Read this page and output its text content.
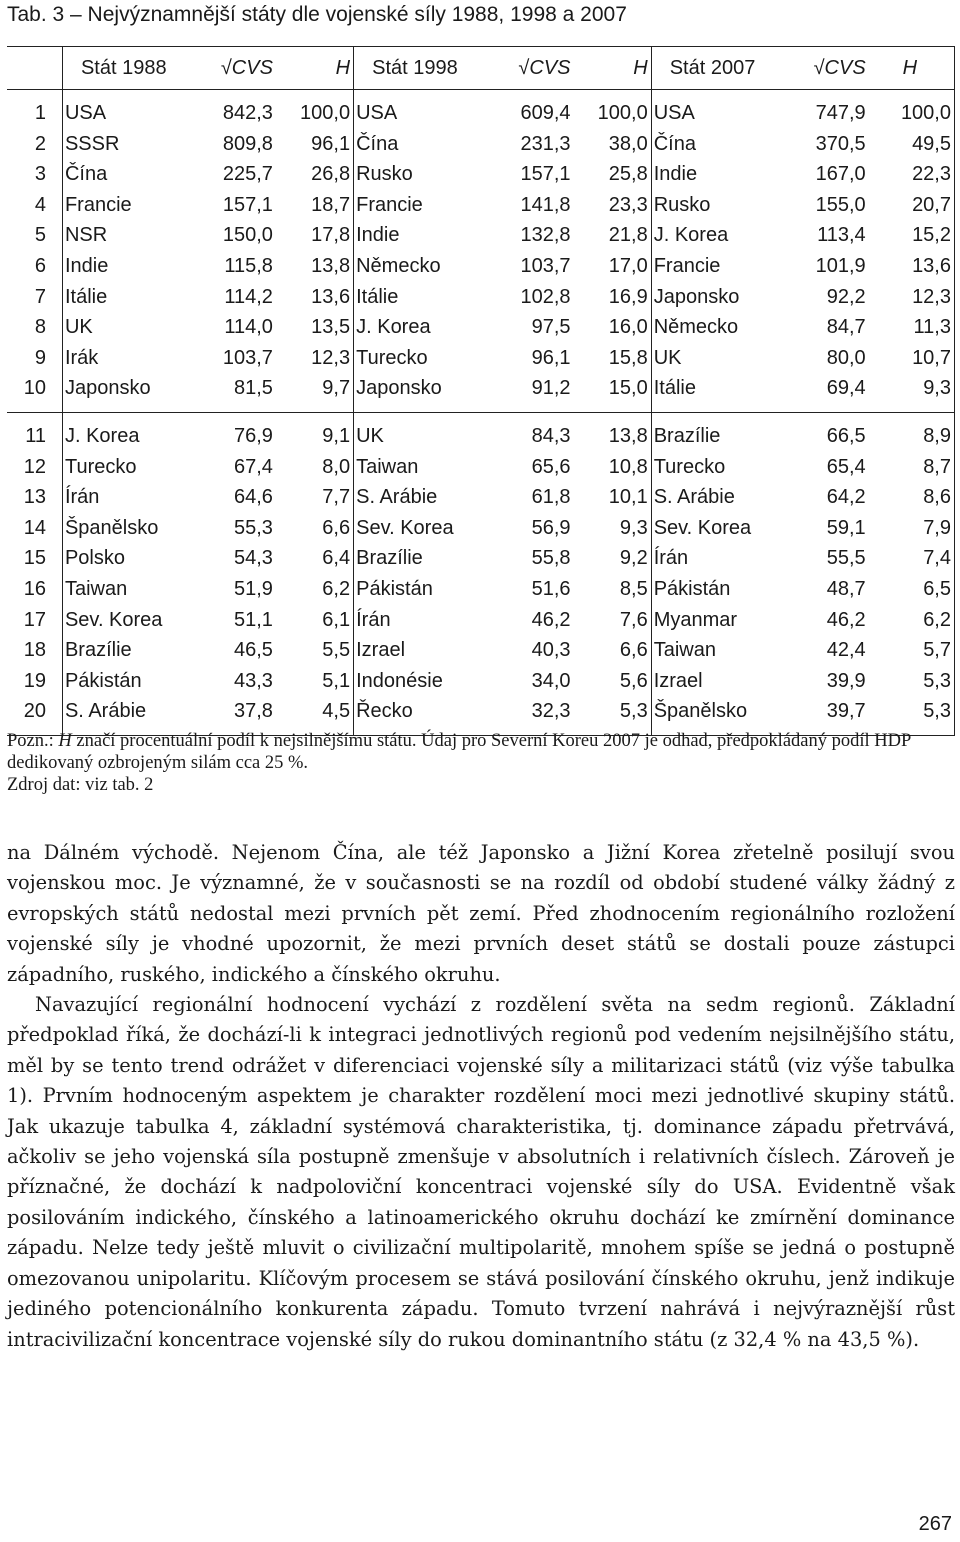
Tab. 3 – Nejvýznamnější státy dle vojenské síly 1988, 1998 a 2007
	Stát 1988	√CVS	H	Stát 1998	√CVS	H	Stát 2007	√CVS	H

1	USA	842,3	100,0	USA	609,4	100,0	USA	747,9	100,0
2	SSSR	809,8	96,1	Čína	231,3	38,0	Čína	370,5	49,5
3	Čína	225,7	26,8	Rusko	157,1	25,8	Indie	167,0	22,3
4	Francie	157,1	18,7	Francie	141,8	23,3	Rusko	155,0	20,7
5	NSR	150,0	17,8	Indie	132,8	21,8	J. Korea	113,4	15,2
6	Indie	115,8	13,8	Německo	103,7	17,0	Francie	101,9	13,6
7	Itálie	114,2	13,6	Itálie	102,8	16,9	Japonsko	92,2	12,3
8	UK	114,0	13,5	J. Korea	97,5	16,0	Německo	84,7	11,3
9	Irák	103,7	12,3	Turecko	96,1	15,8	UK	80,0	10,7
10	Japonsko	81,5	9,7	Japonsko	91,2	15,0	Itálie	69,4	9,3

11	J. Korea	76,9	9,1	UK	84,3	13,8	Brazílie	66,5	8,9
12	Turecko	67,4	8,0	Taiwan	65,6	10,8	Turecko	65,4	8,7
13	Írán	64,6	7,7	S. Arábie	61,8	10,1	S. Arábie	64,2	8,6
14	Španělsko	55,3	6,6	Sev. Korea	56,9	9,3	Sev. Korea	59,1	7,9
15	Polsko	54,3	6,4	Brazílie	55,8	9,2	Írán	55,5	7,4
16	Taiwan	51,9	6,2	Pákistán	51,6	8,5	Pákistán	48,7	6,5
17	Sev. Korea	51,1	6,1	Írán	46,2	7,6	Myanmar	46,2	6,2
18	Brazílie	46,5	5,5	Izrael	40,3	6,6	Taiwan	42,4	5,7
19	Pákistán	43,3	5,1	Indonésie	34,0	5,6	Izrael	39,9	5,3
20	S. Arábie	37,8	4,5	Řecko	32,3	5,3	Španělsko	39,7	5,3

Pozn.: H značí procentuální podíl k nejsilnějšímu státu. Údaj pro Severní Koreu 2007 je odhad, předpokládaný podíl HDP dedikovaný ozbrojeným silám cca 25 %.

Zdroj dat: viz tab. 2

na Dálném východě. Nejenom Čína, ale též Japonsko a Jižní Korea zřetelně posilují svou vojenskou moc. Je významné, že v současnosti se na rozdíl od období studené války žádný z evropských států nedostal mezi prvních pět zemí. Před zhodnocením regionálního rozložení vojenské síly je vhodné upozornit, že mezi prvních deset států se dostali pouze zástupci západního, ruského, indického a čínského okruhu.

Navazující regionální hodnocení vychází z rozdělení světa na sedm regionů. Základní předpoklad říká, že dochází-li k integraci jednotlivých regionů pod vedením nejsilnějšího státu, měl by se tento trend odrážet v diferenciaci vojenské síly a militarizaci států (viz výše tabulka 1). Prvním hodnoceným aspektem je charakter rozdělení moci mezi jednotlivé skupiny států. Jak ukazuje tabulka 4, základní systémová charakteristika, tj. dominance západu přetrvává, ačkoliv se jeho vojenská síla postupně zmenšuje v absolutních i relativních číslech. Zároveň je příznačné, že dochází k nadpoloviční koncentraci vojenské síly do USA. Evidentně však posilováním indického, čínského a latinoamerického okruhu dochází ke zmírnění dominance západu. Nelze tedy ještě mluvit o civilizační multipolaritě, mnohem spíše se jedná o postupně omezovanou unipolaritu. Klíčovým procesem se stává posilování čínského okruhu, jenž indikuje jediného potencionálního konkurenta západu. Tomuto tvrzení nahrává i nejvýraznější růst intracivilizační koncentrace vojenské síly do rukou dominantního státu (z 32,4 % na 43,5 %).

267
